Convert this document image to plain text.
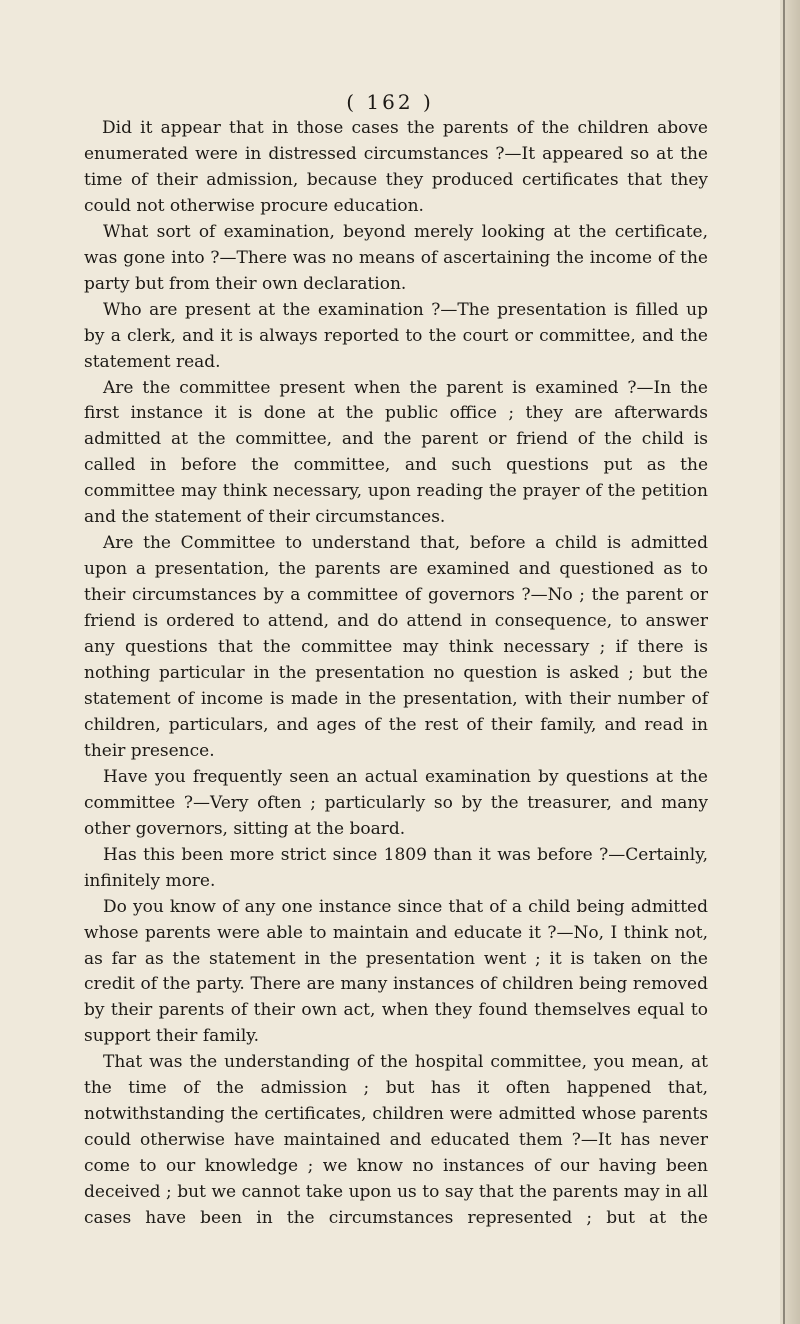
( 162 )

Did it appear that in those cases the parents of the children above enumerated were in distressed circumstances ?—It appeared so at the time of their admission, because they produced certificates that they could not otherwise procure education.

What sort of examination, beyond merely looking at the certificate, was gone into ?—There was no means of ascertaining the income of the party but from their own declaration.

Who are present at the examination ?—The presentation is filled up by a clerk, and it is always reported to the court or committee, and the statement read.

Are the committee present when the parent is examined ?—In the first instance it is done at the public office ; they are afterwards admitted at the committee, and the parent or friend of the child is called in before the committee, and such questions put as the committee may think necessary, upon reading the prayer of the petition and the statement of their circumstances.

Are the Committee to understand that, before a child is admitted upon a presentation, the parents are examined and questioned as to their circumstances by a committee of governors ?—No ; the parent or friend is ordered to attend, and do attend in consequence, to answer any questions that the committee may think necessary ; if there is nothing particular in the presentation no question is asked ; but the statement of income is made in the presentation, with their number of children, particulars, and ages of the rest of their family, and read in their presence.

Have you frequently seen an actual examination by questions at the committee ?—Very often ; particularly so by the treasurer, and many other governors, sitting at the board.

Has this been more strict since 1809 than it was before ?—Certainly, infinitely more.

Do you know of any one instance since that of a child being admitted whose parents were able to maintain and educate it ?—No, I think not, as far as the statement in the presentation went ; it is taken on the credit of the party. There are many instances of children being removed by their parents of their own act, when they found themselves equal to support their family.

That was the understanding of the hospital committee, you mean, at the time of the admission ; but has it often happened that, notwithstanding the certificates, children were admitted whose parents could otherwise have maintained and educated them ?—It has never come to our knowledge ; we know no instances of our having been deceived ; but we cannot take upon us to say that the parents may in all cases have been in the circumstances represented ; but at the
